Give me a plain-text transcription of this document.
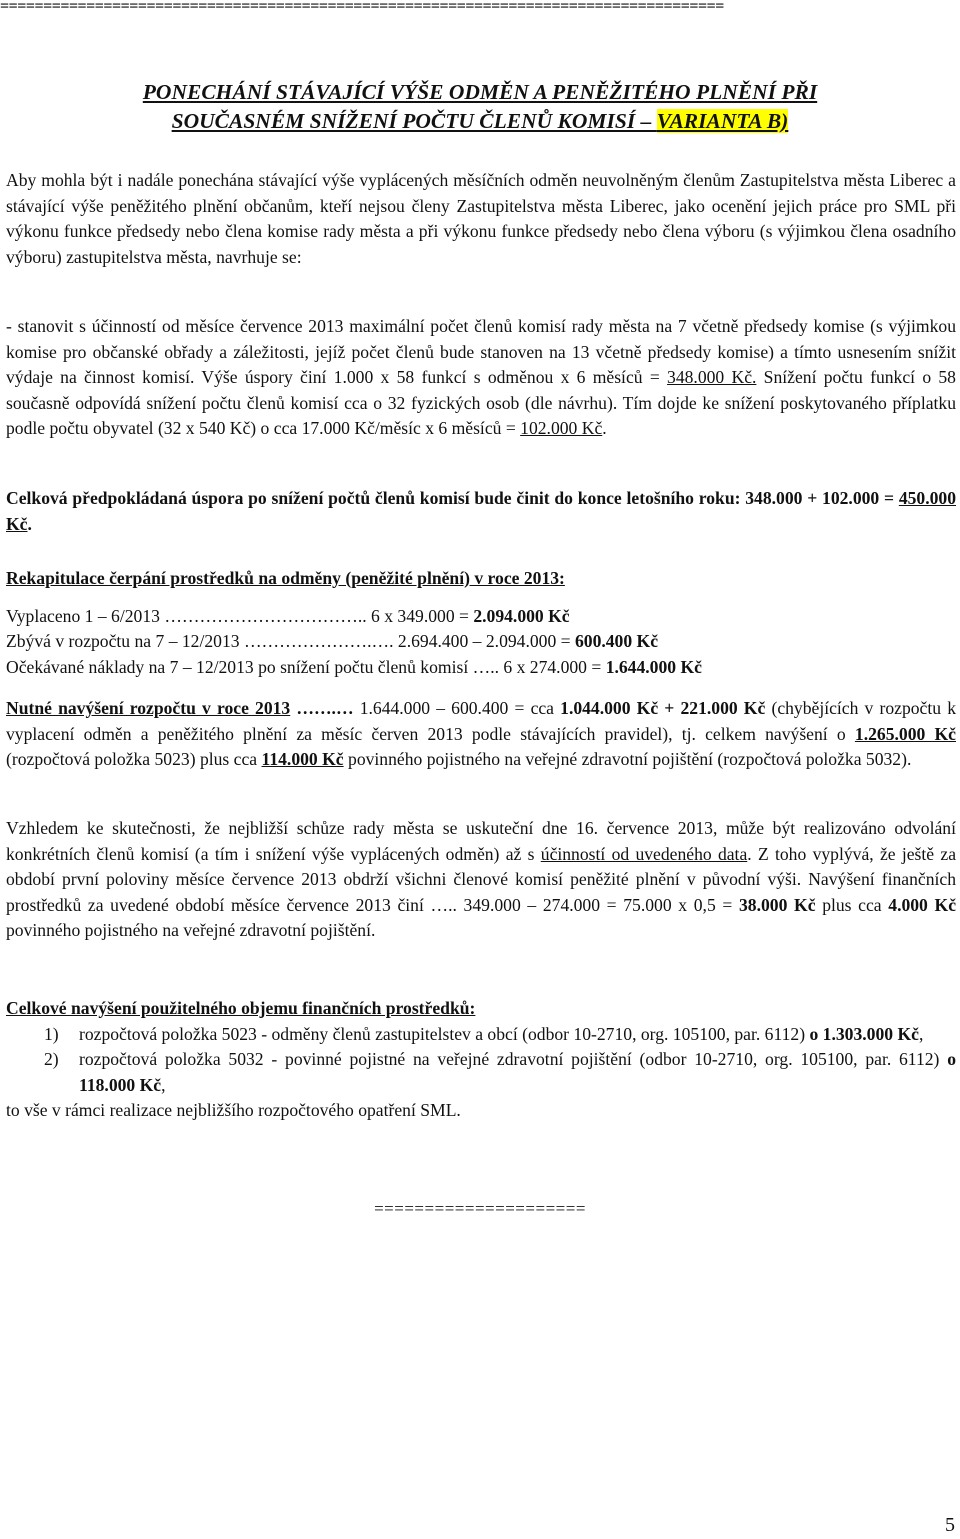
====================================================================================
PONECHÁNÍ STÁVAJÍCÍ VÝŠE ODMĚN A PENĚŽITÉHO PLNĚNÍ PŘI
SOUČASNÉM SNÍŽENÍ POČTU ČLENŮ KOMISÍ – VARIANTA B)
Aby mohla být i nadále ponechána stávající výše vyplácených měsíčních odměn neuvolněným členům Zastupitelstva města Liberec a stávající výše peněžitého plnění občanům, kteří nejsou členy Zastupitelstva města Liberec, jako ocenění jejich práce pro SML při výkonu funkce předsedy nebo člena komise rady města a při výkonu funkce předsedy nebo člena výboru (s výjimkou člena osadního výboru) zastupitelstva města, navrhuje se:
- stanovit s účinností od měsíce července 2013 maximální počet členů komisí rady města na 7 včetně předsedy komise (s výjimkou komise pro občanské obřady a záležitosti, jejíž počet členů bude stanoven na 13 včetně předsedy komise) a tímto usnesením snížit výdaje na činnost komisí. Výše úspory činí 1.000 x 58 funkcí s odměnou x 6 měsíců = 348.000 Kč. Snížení počtu funkcí o 58 současně odpovídá snížení počtu členů komisí cca o 32 fyzických osob (dle návrhu). Tím dojde ke snížení poskytovaného příplatku podle počtu obyvatel (32 x 540 Kč) o cca 17.000 Kč/měsíc x 6 měsíců = 102.000 Kč.
Celková předpokládaná úspora po snížení počtů členů komisí bude činit do konce letošního roku: 348.000 + 102.000 = 450.000 Kč.
Rekapitulace čerpání prostředků na odměny (peněžité plnění) v roce 2013:
Vyplaceno 1 – 6/2013 …………………………….. 6 x 349.000 = 2.094.000 Kč
Zbývá v rozpočtu na 7 – 12/2013 ………………….…. 2.694.400 – 2.094.000 = 600.400 Kč
Očekávané náklady na 7 – 12/2013 po snížení počtu členů komisí ….. 6 x 274.000 = 1.644.000 Kč
Nutné navýšení rozpočtu v roce 2013 …….… 1.644.000 – 600.400 = cca 1.044.000 Kč + 221.000 Kč (chybějících v rozpočtu k vyplacení odměn a peněžitého plnění za měsíc červen 2013 podle stávajících pravidel), tj. celkem navýšení o 1.265.000 Kč (rozpočtová položka 5023) plus cca 114.000 Kč povinného pojistného na veřejné zdravotní pojištění (rozpočtová položka 5032).
Vzhledem ke skutečnosti, že nejbližší schůze rady města se uskuteční dne 16. července 2013, může být realizováno odvolání konkrétních členů komisí (a tím i snížení výše vyplácených odměn) až s účinností od uvedeného data. Z toho vyplývá, že ještě za období první poloviny měsíce července 2013 obdrží všichni členové komisí peněžité plnění v původní výši. Navýšení finančních prostředků za uvedené období měsíce července 2013 činí ….. 349.000 – 274.000 = 75.000 x 0,5 = 38.000 Kč plus cca 4.000 Kč povinného pojistného na veřejné zdravotní pojištění.
Celkové navýšení použitelného objemu finančních prostředků:
1)	rozpočtová položka 5023 - odměny členů zastupitelstev a obcí (odbor 10-2710, org. 105100, par. 6112) o 1.303.000 Kč,
2)	rozpočtová položka 5032 - povinné pojistné na veřejné zdravotní pojištění (odbor 10-2710, org. 105100, par. 6112) o 118.000 Kč,
to vše v rámci realizace nejbližšího rozpočtového opatření SML.
=====================
5
